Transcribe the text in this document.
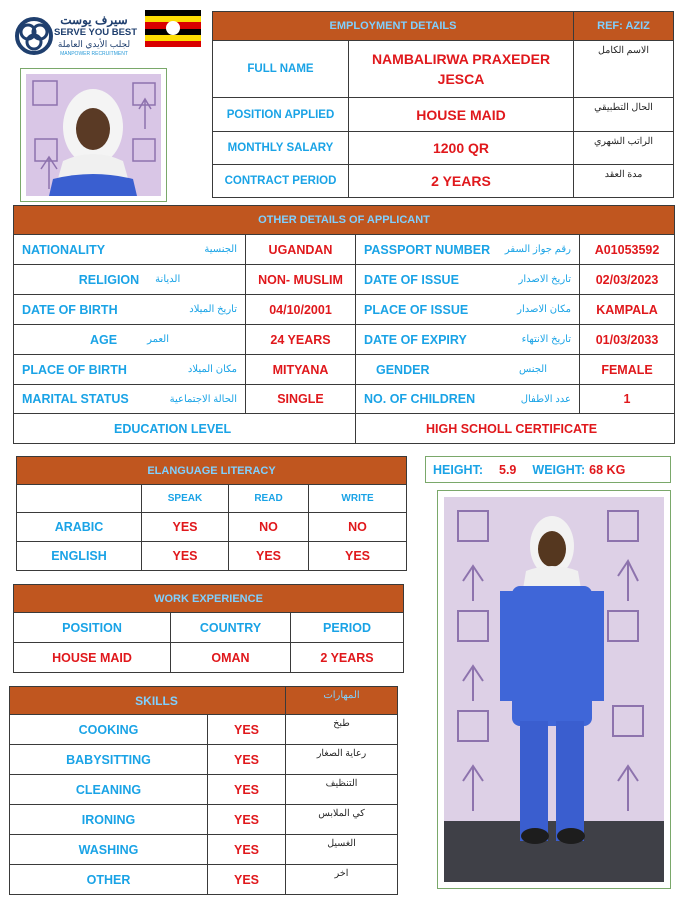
سيرف يوست
SERVE YOU BEST
لجلب الأيدي العاملة
MANPOWER RECRUITMENT
EMPLOYMENT DETAILS		REF: AZIZ
FULL NAME	NAMBALIRWA PRAXEDER JESCA	الاسم الكامل
POSITION APPLIED	HOUSE MAID	الحال التطبيقي
MONTHLY SALARY	1200 QR	الراتب الشهري
CONTRACT PERIOD	2 YEARS	مدة العقد
OTHER DETAILS OF APPLICANT			

NATIONALITY الجنسية	UGANDAN	PASSPORT NUMBER رقم جواز السفر	A01053592

RELIGION الديانة	NON- MUSLIM	DATE OF ISSUE تاريخ الاصدار	02/03/2023

DATE OF BIRTH تاريخ الميلاد	04/10/2001	PLACE OF ISSUE مكان الاصدار	KAMPALA

AGE العمر	24 YEARS	DATE OF EXPIRY تاريخ الانتهاء	01/03/2033

PLACE OF BIRTH مكان الميلاد	MITYANA	GENDER الجنس	FEMALE

MARITAL STATUS الحالة الاجتماعية	SINGLE	NO. OF CHILDREN عدد الاطفال	1
EDUCATION LEVEL		HIGH SCHOLL CERTIFICATE	
ELANGUAGE LITERACY			
	SPEAK	READ	WRITE
ARABIC	YES	NO	NO
ENGLISH	YES	YES	YES
HEIGHT: 5.9 WEIGHT: 68 KG
WORK EXPERIENCE		
POSITION	COUNTRY	PERIOD
HOUSE MAID	OMAN	2 YEARS
SKILLS		المهارات
COOKING	YES	طبخ
BABYSITTING	YES	رعاية الصغار
CLEANING	YES	التنظيف
IRONING	YES	كي الملابس
WASHING	YES	الغسيل
OTHER	YES	اخر
